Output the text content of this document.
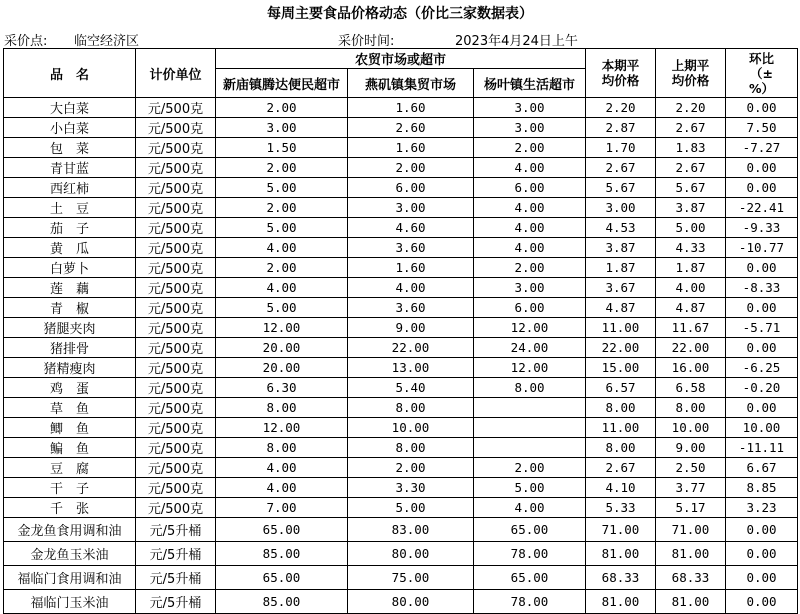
每周主要食品价格动态（价比三家数据表）
采价点: 临空经济区	采价时间:	2023年4月24日上午
品　名	计价单位	农贸市场或超市			本期平均价格	上期平均价格	环比（±%）
		新庙镇腾达便民超市	燕矶镇集贸市场	杨叶镇生活超市			
大白菜	元/500克	2.00	1.60	3.00	2.20	2.20	0.00
小白菜	元/500克	3.00	2.60	3.00	2.87	2.67	7.50
包　菜	元/500克	1.50	1.60	2.00	1.70	1.83	-7.27
青甘蓝	元/500克	2.00	2.00	4.00	2.67	2.67	0.00
西红柿	元/500克	5.00	6.00	6.00	5.67	5.67	0.00
土　豆	元/500克	2.00	3.00	4.00	3.00	3.87	-22.41
茄　子	元/500克	5.00	4.60	4.00	4.53	5.00	-9.33
黄　瓜	元/500克	4.00	3.60	4.00	3.87	4.33	-10.77
白萝卜	元/500克	2.00	1.60	2.00	1.87	1.87	0.00
莲　藕	元/500克	4.00	4.00	3.00	3.67	4.00	-8.33
青　椒	元/500克	5.00	3.60	6.00	4.87	4.87	0.00
猪腿夹肉	元/500克	12.00	9.00	12.00	11.00	11.67	-5.71
猪排骨	元/500克	20.00	22.00	24.00	22.00	22.00	0.00
猪精瘦肉	元/500克	20.00	13.00	12.00	15.00	16.00	-6.25
鸡　蛋	元/500克	6.30	5.40	8.00	6.57	6.58	-0.20
草　鱼	元/500克	8.00	8.00		8.00	8.00	0.00
鲫　鱼	元/500克	12.00	10.00		11.00	10.00	10.00
鳊　鱼	元/500克	8.00	8.00		8.00	9.00	-11.11
豆　腐	元/500克	4.00	2.00	2.00	2.67	2.50	6.67
干　子	元/500克	4.00	3.30	5.00	4.10	3.77	8.85
千　张	元/500克	7.00	5.00	4.00	5.33	5.17	3.23
金龙鱼食用调和油	元/5升桶	65.00	83.00	65.00	71.00	71.00	0.00
金龙鱼玉米油	元/5升桶	85.00	80.00	78.00	81.00	81.00	0.00
福临门食用调和油	元/5升桶	65.00	75.00	65.00	68.33	68.33	0.00
福临门玉米油	元/5升桶	85.00	80.00	78.00	81.00	81.00	0.00
